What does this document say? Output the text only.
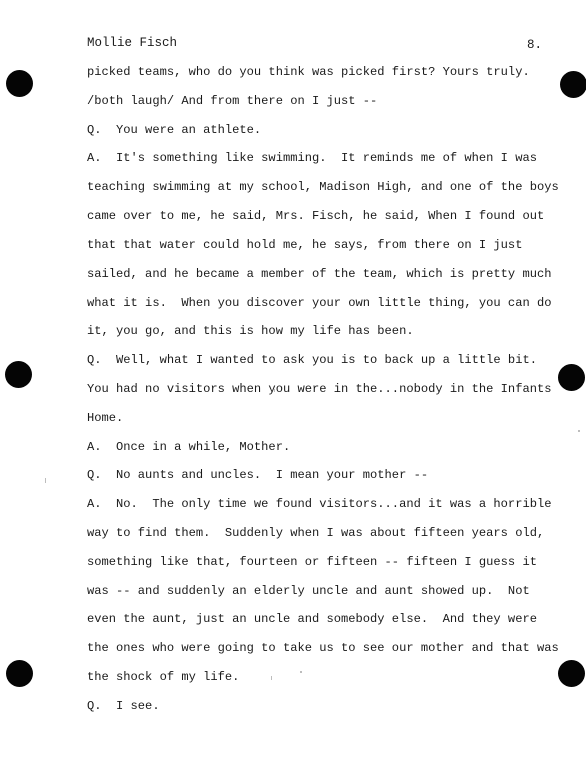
Mollie Fisch	8.
picked teams, who do you think was picked first? Yours truly.
/both laugh/ And from there on I just --
Q.  You were an athlete.
A.  It's something like swimming.  It reminds me of when I was
teaching swimming at my school, Madison High, and one of the boys
came over to me, he said, Mrs. Fisch, he said, When I found out
that that water could hold me, he says, from there on I just
sailed, and he became a member of the team, which is pretty much
what it is.  When you discover your own little thing, you can do
it, you go, and this is how my life has been.
Q.  Well, what I wanted to ask you is to back up a little bit.
You had no visitors when you were in the...nobody in the Infants
Home.
A.  Once in a while, Mother.
Q.  No aunts and uncles.  I mean your mother --
A.  No.  The only time we found visitors...and it was a horrible
way to find them.  Suddenly when I was about fifteen years old,
something like that, fourteen or fifteen -- fifteen I guess it
was -- and suddenly an elderly uncle and aunt showed up.  Not
even the aunt, just an uncle and somebody else.  And they were
the ones who were going to take us to see our mother and that was
the shock of my life.
Q.  I see.
